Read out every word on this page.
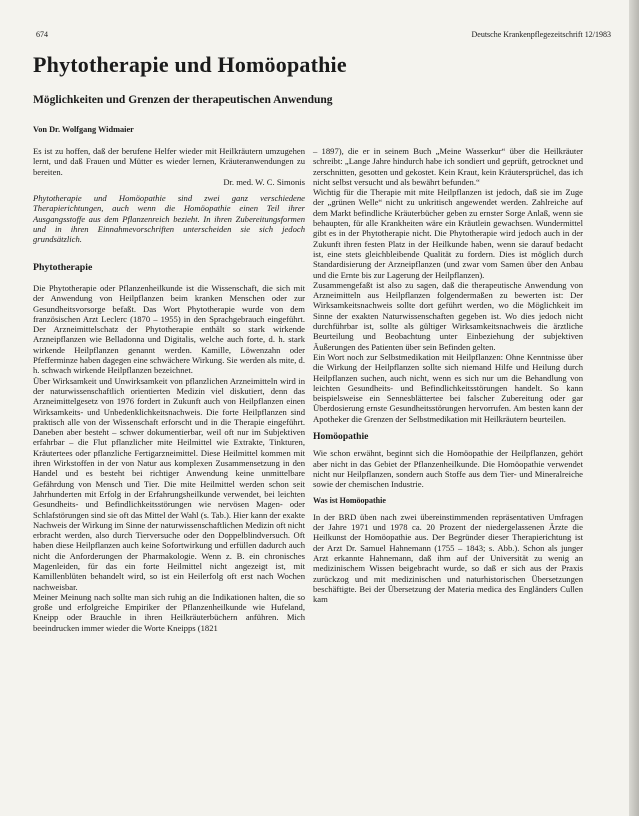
674	Deutsche Krankenpflegezeitschrift 12/1983
Phytotherapie und Homöopathie
Möglichkeiten und Grenzen der therapeutischen Anwendung
Von Dr. Wolfgang Widmaier

Es ist zu hoffen, daß der berufene Helfer wieder mit Heilkräutern umzugehen lernt, und daß Frauen und Mütter es wieder lernen, Kräuteranwendungen zu bereiten.

Dr. med. W. C. Simonis

Phytotherapie und Homöopathie sind zwei ganz verschiedene Therapierichtungen, auch wenn die Homöopathie einen Teil ihrer Ausgangsstoffe aus dem Pflanzenreich bezieht. In ihren Zubereitungsformen und in ihren Einnahmevorschriften unterscheiden sie sich jedoch grundsätzlich.

Phytotherapie

Die Phytotherapie oder Pflanzenheilkunde ist die Wissenschaft, die sich mit der Anwendung von Heilpflanzen beim kranken Menschen oder zur Gesundheitsvorsorge befaßt. Das Wort Phytotherapie wurde von dem französischen Arzt Leclerc (1870 – 1955) in den Sprachgebrauch eingeführt. Der Arzneimittelschatz der Phytotherapie enthält so stark wirkende Arzneipflanzen wie Belladonna und Digitalis, welche auch forte, d. h. stark wirkende Heilpflanzen genannt werden. Kamille, Löwenzahn oder Pfefferminze haben dagegen eine schwächere Wirkung. Sie werden als mite, d. h. schwach wirkende Heilpflanzen bezeichnet.

Über Wirksamkeit und Unwirksamkeit von pflanzlichen Arzneimitteln wird in der naturwissenschaftlich orientierten Medizin viel diskutiert, denn das Arzneimittelgesetz von 1976 fordert in Zukunft auch von Heilpflanzen einen Wirksamkeits- und Unbedenklichkeitsnachweis. Die forte Heilpflanzen sind praktisch alle von der Wissenschaft erforscht und in die Therapie eingeführt. Daneben aber besteht – schwer dokumentierbar, weil oft nur im Subjektiven erfahrbar – die Flut pflanzlicher mite Heilmittel wie Extrakte, Tinkturen, Kräutertees oder pflanzliche Fertigarzneimittel. Diese Heilmittel kommen mit ihren Wirkstoffen in der von Natur aus komplexen Zusammensetzung in den Handel und es besteht bei richtiger Anwendung keine unmittelbare Gefährdung von Mensch und Tier. Die mite Heilmittel werden schon seit Jahrhunderten mit Erfolg in der Erfahrungsheilkunde verwendet, bei leichten Gesundheits- und Befindlichkeitsstörungen wie nervösen Magen- oder Schlafstörungen sind sie oft das Mittel der Wahl (s. Tab.). Hier kann der exakte Nachweis der Wirkung im Sinne der naturwissenschaftlichen Medizin oft nicht erbracht werden, also durch Tierversuche oder den Doppelblindversuch. Oft haben diese Heilpflanzen auch keine Sofortwirkung und erfüllen dadurch auch nicht die Anforderungen der Pharmakologie. Wenn z. B. ein chronisches Magenleiden, für das ein forte Heilmittel nicht angezeigt ist, mit Kamillenblüten behandelt wird, so ist ein Heilerfolg oft erst nach Wochen nachweisbar.

Meiner Meinung nach sollte man sich ruhig an die Indikationen halten, die so große und erfolgreiche Empiriker der Pflanzenheilkunde wie Hufeland, Kneipp oder Brauchle in ihren Heilkräuterbüchern anführen. Mich beeindrucken immer wieder die Worte Kneipps (1821

– 1897), die er in seinem Buch „Meine Wasserkur“ über die Heilkräuter schreibt: „Lange Jahre hindurch habe ich sondiert und geprüft, getrocknet und zerschnitten, gesotten und gekostet. Kein Kraut, kein Kräutersprüchel, das ich nicht selbst versucht und als bewährt befunden.“

Wichtig für die Therapie mit mite Heilpflanzen ist jedoch, daß sie im Zuge der „grünen Welle“ nicht zu unkritisch angewendet werden. Zahlreiche auf dem Markt befindliche Kräuterbücher geben zu ernster Sorge Anlaß, wenn sie behaupten, für alle Krankheiten wäre ein Kräutlein gewachsen. Wundermittel gibt es in der Phytotherapie nicht. Die Phytotherapie wird jedoch auch in der Zukunft ihren festen Platz in der Heilkunde haben, wenn sie darauf bedacht ist, eine stets gleichbleibende Qualität zu fordern. Dies ist möglich durch Standardisierung der Arzneipflanzen (und zwar vom Samen über den Anbau und die Ernte bis zur Lagerung der Heilpflanzen).

Zusammengefaßt ist also zu sagen, daß die therapeutische Anwendung von Arzneimitteln aus Heilpflanzen folgendermaßen zu bewerten ist: Der Wirksamkeitsnachweis sollte dort geführt werden, wo die Möglichkeit im Sinne der exakten Naturwissenschaften gegeben ist. Wo dies jedoch nicht durchführbar ist, sollte als gültiger Wirksamkeitsnachweis die ärztliche Beurteilung und Beobachtung unter Einbeziehung der subjektiven Äußerungen des Patienten über sein Befinden gelten.

Ein Wort noch zur Selbstmedikation mit Heilpflanzen: Ohne Kenntnisse über die Wirkung der Heilpflanzen sollte sich niemand Hilfe und Heilung durch Heilpflanzen suchen, auch nicht, wenn es sich nur um die Behandlung von leichten Gesundheits- und Befindlichkeitsstörungen handelt. So kann beispielsweise ein Sennesblättertee bei falscher Zubereitung oder gar Überdosierung ernste Gesundheitsstörungen hervorrufen. Am besten kann der Apotheker die Grenzen der Selbstmedikation mit Heilkräutern beurteilen.

Homöopathie

Wie schon erwähnt, beginnt sich die Homöopathie der Heilpflanzen, gehört aber nicht in das Gebiet der Pflanzenheilkunde. Die Homöopathie verwendet nicht nur Heilpflanzen, sondern auch Stoffe aus dem Tier- und Mineralreiche sowie der chemischen Industrie.

Was ist Homöopathie

In der BRD üben nach zwei übereinstimmenden repräsentativen Umfragen der Jahre 1971 und 1978 ca. 20 Prozent der niedergelassenen Ärzte die Heilkunst der Homöopathie aus. Der Begründer dieser Therapierichtung ist der Arzt Dr. Samuel Hahnemann (1755 – 1843; s. Abb.). Schon als junger Arzt erkannte Hahnemann, daß ihm auf der Universität zu wenig an medizinischem Wissen beigebracht wurde, so daß er sich aus der Praxis zurückzog und mit medizinischen und naturhistorischen Übersetzungen beschäftigte. Bei der Übersetzung der Materia medica des Engländers Cullen kam
